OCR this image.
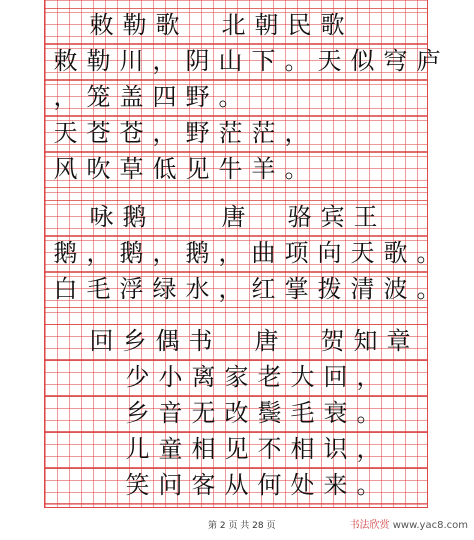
敕 勒 歌
北 朝 民 歌
敕 勒 川 ， 阴 山 下 。 天 似 穹 庐
， 笼 盖 四 野 。
天 苍 苍 ， 野 茫 茫 ，
风 吹 草 低 见 牛 羊 。
咏 鹅

	唐
骆 宾 王
鹅 ， 鹅 ， 鹅 ， 曲 项 向 天 歌 。
白 毛 浮 绿 水 ， 红 掌 拨 清 波 。
回 乡 偶 书
唐
贺 知 章
少 小 离 家 老 大 回 ，
乡 音 无 改 鬓 毛 衰 。
儿 童 相 见 不 相 识 ，
笑 问 客 从 何 处 来 。
第 2 页 共 28 页	书法欣赏 www.yac8.com
